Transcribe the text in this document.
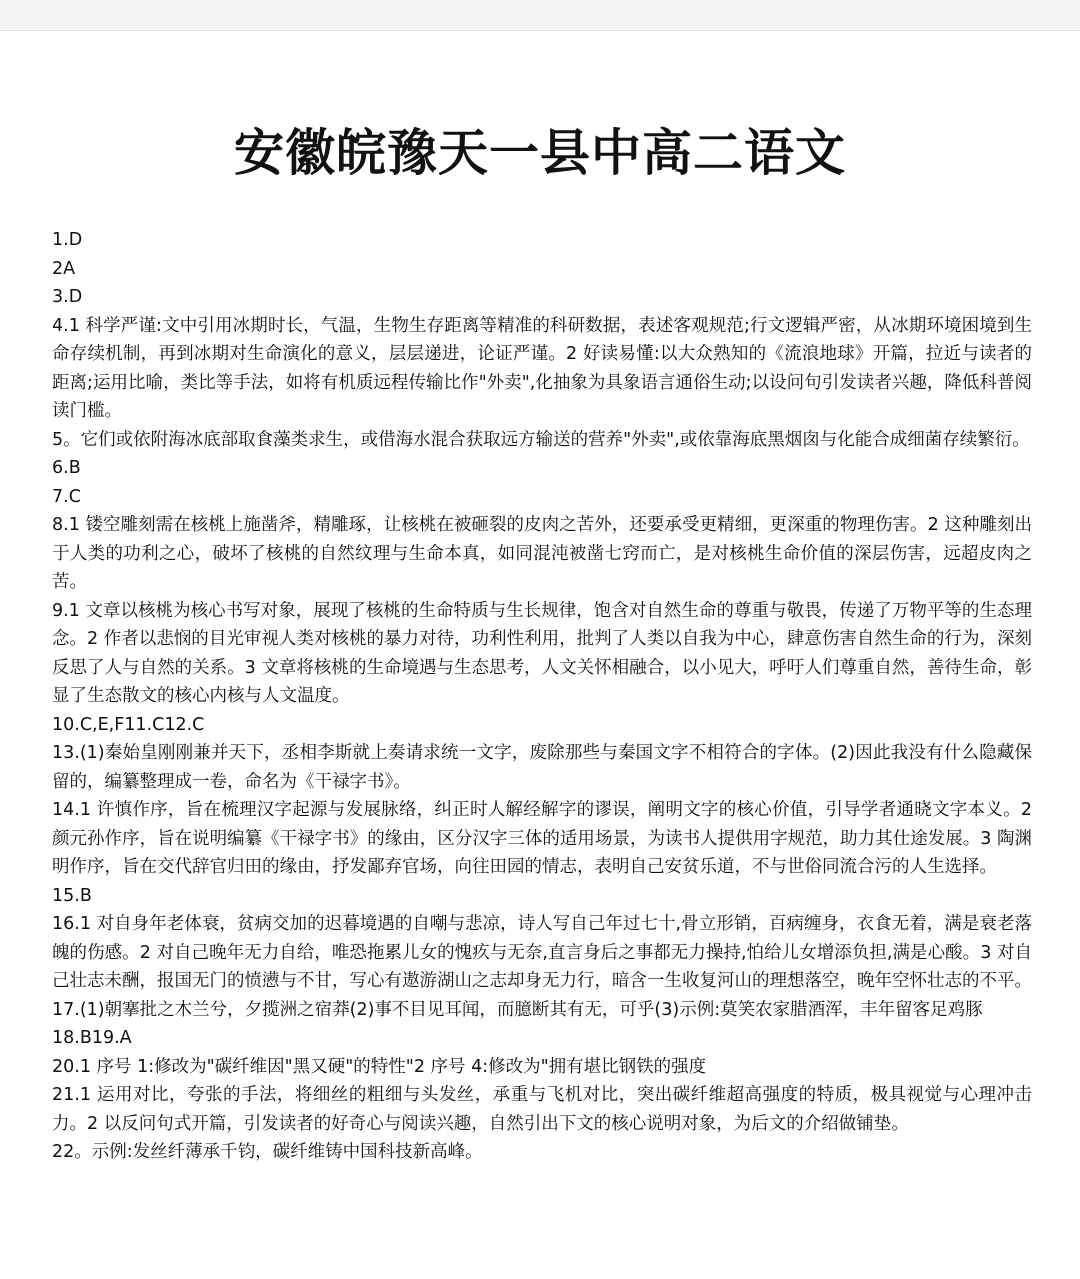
安徽皖豫天一县中高二语文

1.D

2A

3.D

4.1 科学严谨:文中引用冰期时长，气温，生物生存距离等精准的科研数据，表述客观规范;行文逻辑严密，从冰期环境困境到生命存续机制，再到冰期对生命演化的意义，层层递进，论证严谨。2 好读易懂:以大众熟知的《流浪地球》开篇，拉近与读者的距离;运用比喻，类比等手法，如将有机质远程传输比作"外卖",化抽象为具象语言通俗生动;以设问句引发读者兴趣，降低科普阅读门槛。

5。它们或依附海冰底部取食藻类求生，或借海水混合获取远方输送的营养"外卖",或依靠海底黑烟囱与化能合成细菌存续繁衍。

6.B

7.C

8.1 镂空雕刻需在核桃上施凿斧，精雕琢，让核桃在被砸裂的皮肉之苦外，还要承受更精细，更深重的物理伤害。2 这种雕刻出于人类的功利之心，破坏了核桃的自然纹理与生命本真，如同混沌被凿七窍而亡，是对核桃生命价值的深层伤害，远超皮肉之苦。

9.1 文章以核桃为核心书写对象，展现了核桃的生命特质与生长规律，饱含对自然生命的尊重与敬畏，传递了万物平等的生态理念。2 作者以悲悯的目光审视人类对核桃的暴力对待，功利性利用，批判了人类以自我为中心，肆意伤害自然生命的行为，深刻反思了人与自然的关系。3 文章将核桃的生命境遇与生态思考，人文关怀相融合，以小见大，呼吁人们尊重自然，善待生命，彰显了生态散文的核心内核与人文温度。

10.C,E,F11.C12.C

13.(1)秦始皇刚刚兼并天下，丞相李斯就上奏请求统一文字，废除那些与秦国文字不相符合的字体。(2)因此我没有什么隐藏保留的，编纂整理成一卷，命名为《干禄字书》。

14.1 许慎作序，旨在梳理汉字起源与发展脉络，纠正时人解经解字的谬误，阐明文字的核心价值，引导学者通晓文字本义。2 颜元孙作序，旨在说明编纂《干禄字书》的缘由，区分汉字三体的适用场景，为读书人提供用字规范，助力其仕途发展。3 陶渊明作序，旨在交代辞官归田的缘由，抒发鄙弃官场，向往田园的情志，表明自己安贫乐道，不与世俗同流合污的人生选择。

15.B

16.1 对自身年老体衰，贫病交加的迟暮境遇的自嘲与悲凉，诗人写自己年过七十,骨立形销，百病缠身，衣食无着，满是衰老落魄的伤感。2 对自己晚年无力自给，唯恐拖累儿女的愧疚与无奈,直言身后之事都无力操持,怕给儿女增添负担,满是心酸。3 对自己壮志未酬，报国无门的愤懑与不甘，写心有遨游湖山之志却身无力行，暗含一生收复河山的理想落空，晚年空怀壮志的不平。

17.(1)朝搴批之木兰兮，夕揽洲之宿莽(2)事不目见耳闻，而臆断其有无，可乎(3)示例:莫笑农家腊酒浑，丰年留客足鸡豚

18.B19.A

20.1 序号 1:修改为"碳纤维因"黑又硬"的特性"2 序号 4:修改为"拥有堪比钢铁的强度

21.1 运用对比，夸张的手法，将细丝的粗细与头发丝，承重与飞机对比，突出碳纤维超高强度的特质，极具视觉与心理冲击力。2 以反问句式开篇，引发读者的好奇心与阅读兴趣，自然引出下文的核心说明对象，为后文的介绍做铺垫。

22。示例:发丝纤薄承千钧，碳纤维铸中国科技新高峰。
